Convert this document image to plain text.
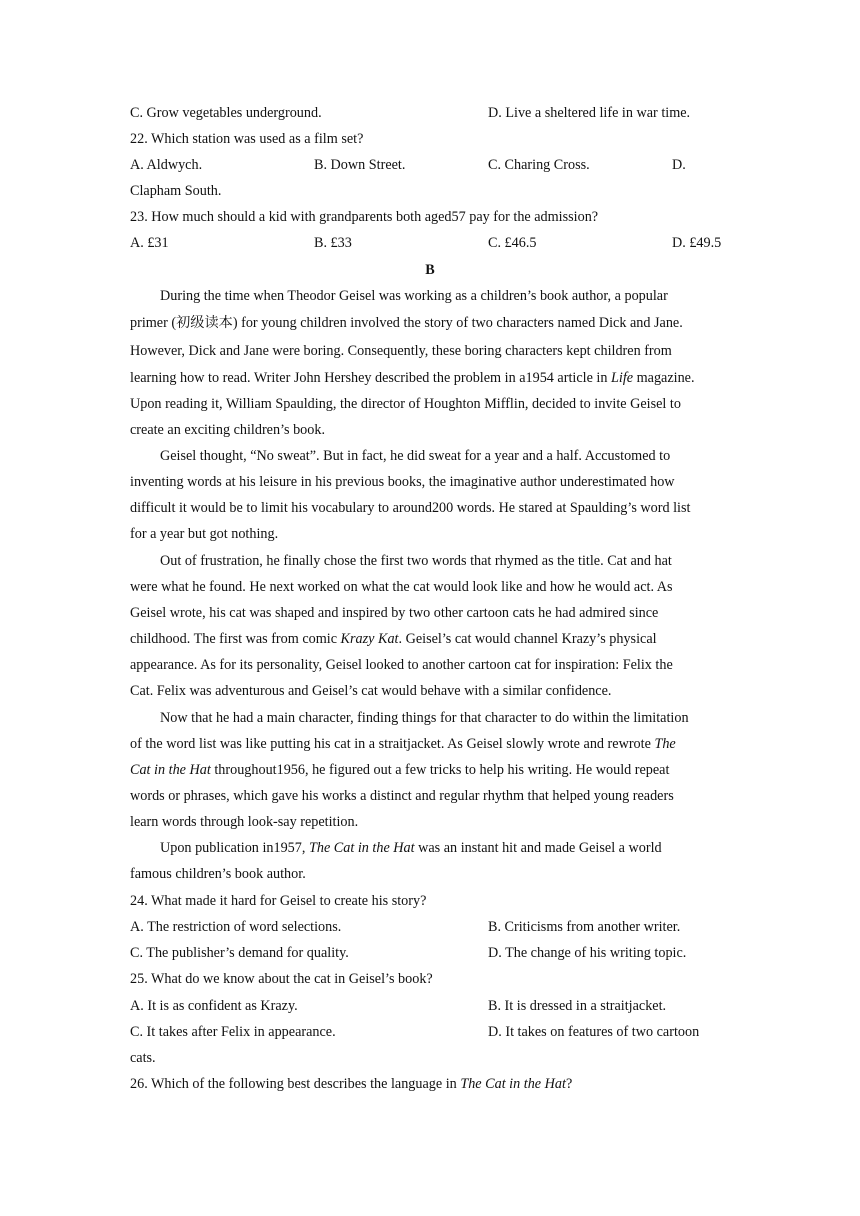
C. Grow vegetables underground.	D. Live a sheltered life in war time.
22. Which station was used as a film set?
A. Aldwych.	B. Down Street.	C. Charing Cross.	D.
Clapham South.
23. How much should a kid with grandparents both aged57 pay for the admission?
A. £31	B. £33	C. £46.5	D. £49.5
B
During the time when Theodor Geisel was working as a children’s book author, a popular
primer (初级读本) for young children involved the story of two characters named Dick and Jane.
However, Dick and Jane were boring. Consequently, these boring characters kept children from
learning how to read. Writer John Hershey described the problem in a1954 article in Life magazine.
Upon reading it, William Spaulding, the director of Houghton Mifflin, decided to invite Geisel to
create an exciting children’s book.
Geisel thought, “No sweat”. But in fact, he did sweat for a year and a half. Accustomed to
inventing words at his leisure in his previous books, the imaginative author underestimated how
difficult it would be to limit his vocabulary to around200 words. He stared at Spaulding’s word list
for a year but got nothing.
Out of frustration, he finally chose the first two words that rhymed as the title. Cat and hat
were what he found. He next worked on what the cat would look like and how he would act. As
Geisel wrote, his cat was shaped and inspired by two other cartoon cats he had admired since
childhood. The first was from comic Krazy Kat. Geisel’s cat would channel Krazy’s physical
appearance. As for its personality, Geisel looked to another cartoon cat for inspiration: Felix the
Cat. Felix was adventurous and Geisel’s cat would behave with a similar confidence.
Now that he had a main character, finding things for that character to do within the limitation
of the word list was like putting his cat in a straitjacket. As Geisel slowly wrote and rewrote The
Cat in the Hat throughout1956, he figured out a few tricks to help his writing. He would repeat
words or phrases, which gave his works a distinct and regular rhythm that helped young readers
learn words through look-say repetition.
Upon publication in1957, The Cat in the Hat was an instant hit and made Geisel a world
famous children’s book author.
24. What made it hard for Geisel to create his story?
A. The restriction of word selections.	B. Criticisms from another writer.
C. The publisher’s demand for quality.	D. The change of his writing topic.
25. What do we know about the cat in Geisel’s book?
A. It is as confident as Krazy.	B. It is dressed in a straitjacket.
C. It takes after Felix in appearance.	D. It takes on features of two cartoon
cats.
26. Which of the following best describes the language in The Cat in the Hat?
